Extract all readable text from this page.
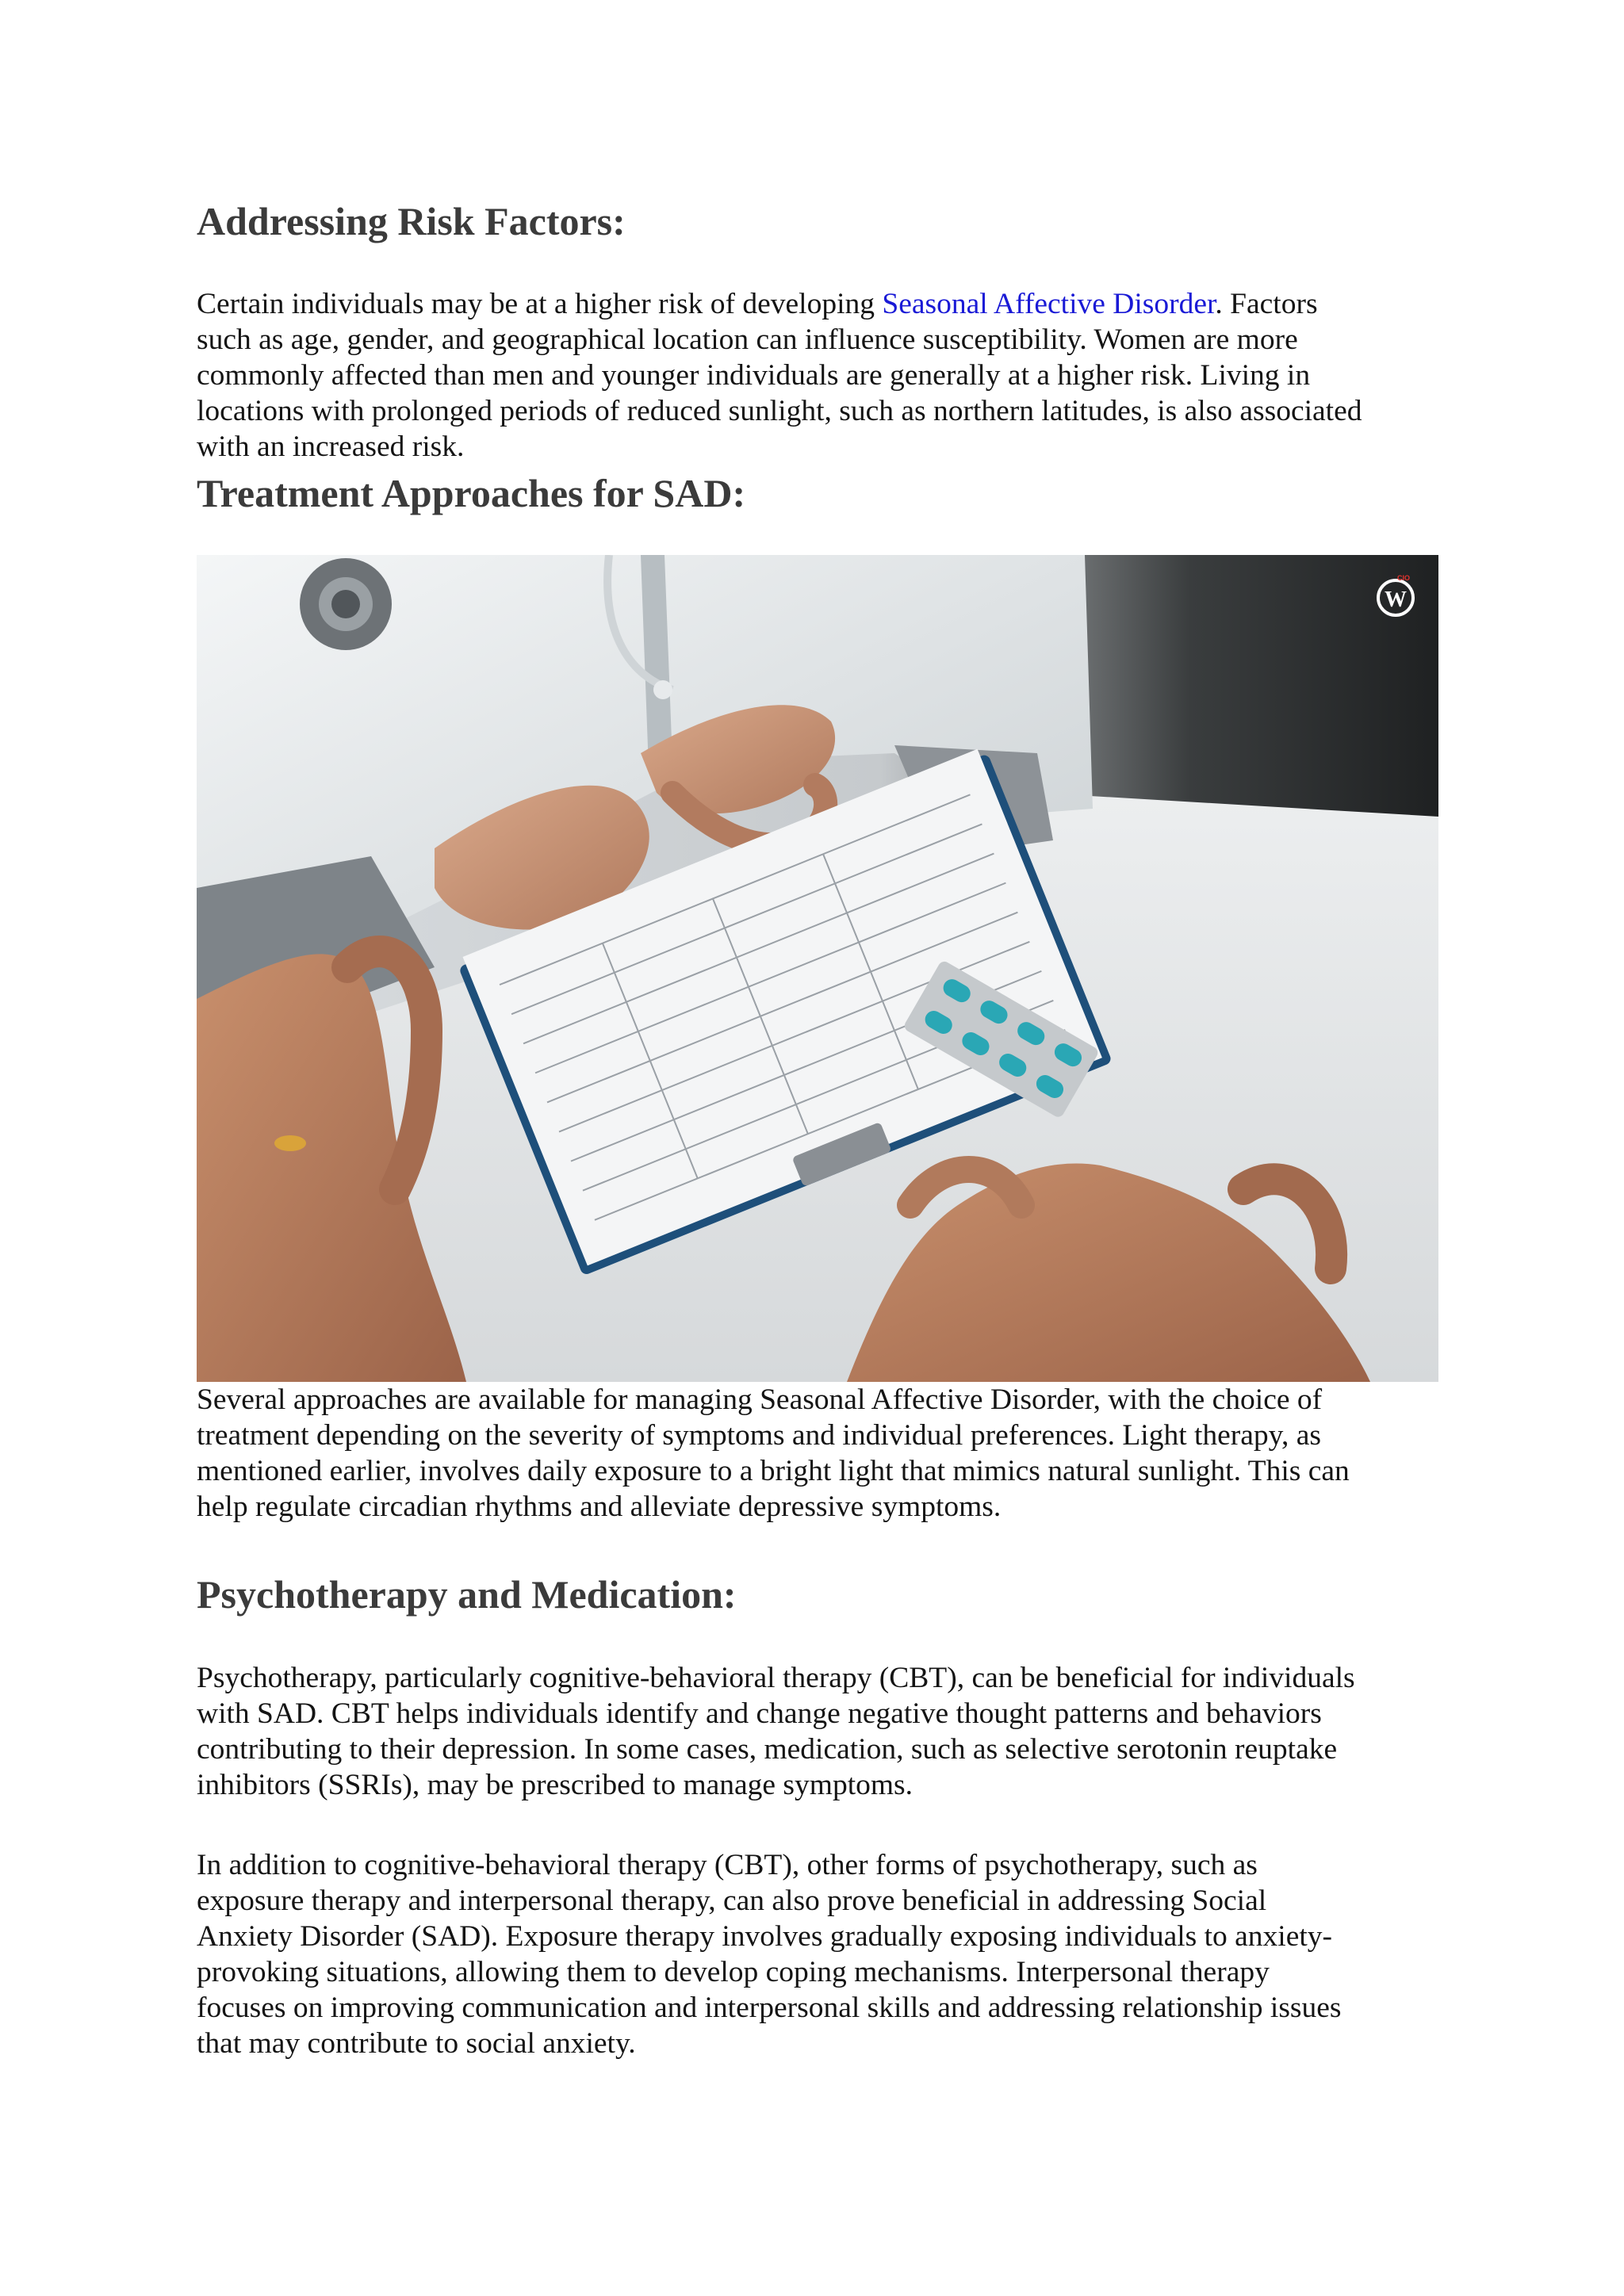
Addressing Risk Factors:

Certain individuals may be at a higher risk of developing Seasonal Affective Disorder. Factors
such as age, gender, and geographical location can influence susceptibility. Women are more
commonly affected than men and younger individuals are generally at a higher risk. Living in
locations with prolonged periods of reduced sunlight, such as northern latitudes, is also associated
with an increased risk.

Treatment Approaches for SAD:
W
CIO

Several approaches are available for managing Seasonal Affective Disorder, with the choice of
treatment depending on the severity of symptoms and individual preferences. Light therapy, as
mentioned earlier, involves daily exposure to a bright light that mimics natural sunlight. This can
help regulate circadian rhythms and alleviate depressive symptoms.

Psychotherapy and Medication:

Psychotherapy, particularly cognitive-behavioral therapy (CBT), can be beneficial for individuals
with SAD. CBT helps individuals identify and change negative thought patterns and behaviors
contributing to their depression. In some cases, medication, such as selective serotonin reuptake
inhibitors (SSRIs), may be prescribed to manage symptoms.

In addition to cognitive-behavioral therapy (CBT), other forms of psychotherapy, such as
exposure therapy and interpersonal therapy, can also prove beneficial in addressing Social
Anxiety Disorder (SAD). Exposure therapy involves gradually exposing individuals to anxiety-
provoking situations, allowing them to develop coping mechanisms. Interpersonal therapy
focuses on improving communication and interpersonal skills and addressing relationship issues
that may contribute to social anxiety.
